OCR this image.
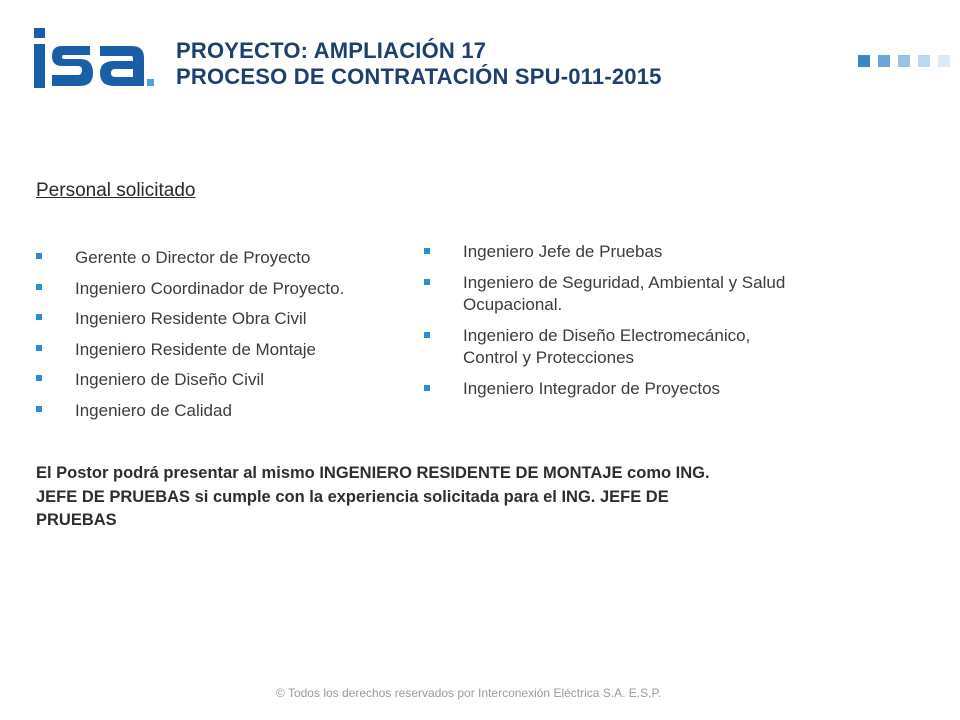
PROYECTO: AMPLIACIÓN 17
PROCESO DE CONTRATACIÓN SPU-011-2015
Personal solicitado
Gerente o Director de Proyecto
Ingeniero Coordinador de Proyecto.
Ingeniero Residente Obra Civil
Ingeniero Residente de Montaje
Ingeniero de Diseño Civil
Ingeniero de Calidad
Ingeniero Jefe de Pruebas
Ingeniero de Seguridad, Ambiental y Salud
Ocupacional.
Ingeniero de Diseño Electromecánico,
Control y Protecciones
Ingeniero Integrador de Proyectos
El Postor podrá presentar al mismo INGENIERO RESIDENTE DE MONTAJE como ING.
JEFE DE PRUEBAS si cumple con la experiencia solicitada para el ING. JEFE DE
PRUEBAS
© Todos los derechos reservados por Interconexión Eléctrica S.A. E.S.P.
